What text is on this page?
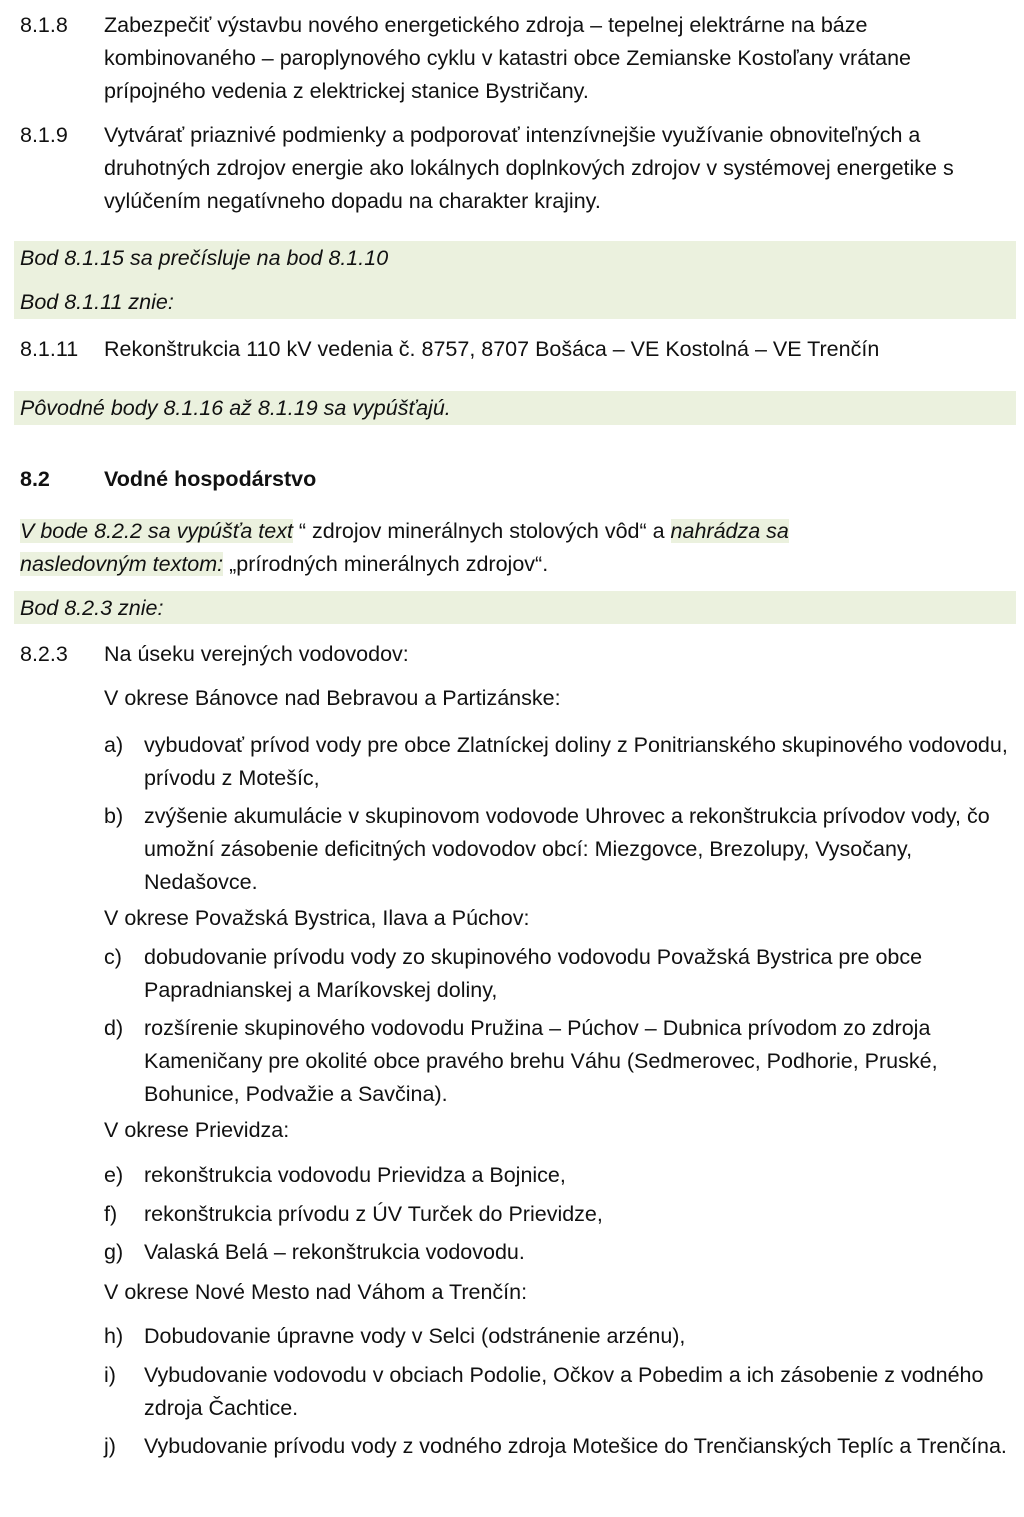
8.1.8	Zabezpečiť výstavbu nového energetického zdroja – tepelnej elektrárne na báze kombinovaného – paroplynového cyklu v katastri obce Zemianske Kostoľany vrátane prípojného vedenia z elektrickej stanice Bystričany.
8.1.9	Vytvárať priaznivé podmienky a podporovať intenzívnejšie využívanie obnoviteľných a druhotných zdrojov energie ako lokálnych doplnkových zdrojov v systémovej energetike s vylúčením negatívneho dopadu na charakter krajiny.
Bod 8.1.15 sa prečísluje na bod 8.1.10
Bod 8.1.11 znie:
8.1.11	Rekonštrukcia 110 kV vedenia č. 8757, 8707 Bošáca – VE Kostolná – VE Trenčín
Pôvodné body 8.1.16 až 8.1.19 sa vypúšťajú.
8.2	Vodné hospodárstvo
V bode 8.2.2 sa vypúšťa text “ zdrojov minerálnych stolových vôd“ a nahrádza sa
nasledovným textom: „prírodných minerálnych zdrojov“.
Bod 8.2.3 znie:
8.2.3	Na úseku verejných vodovodov:
V okrese Bánovce nad Bebravou a Partizánske:
a) vybudovať prívod vody pre obce Zlatníckej doliny z Ponitrianského skupinového vodovodu, prívodu z Motešíc,
b) zvýšenie akumulácie v skupinovom vodovode Uhrovec a rekonštrukcia prívodov vody, čo umožní zásobenie deficitných vodovodov obcí: Miezgovce, Brezolupy, Vysočany, Nedašovce.
V okrese Považská Bystrica, Ilava a Púchov:
c) dobudovanie prívodu vody zo skupinového vodovodu Považská Bystrica pre obce Papradnianskej a Maríkovskej doliny,
d) rozšírenie skupinového vodovodu Pružina – Púchov – Dubnica prívodom zo zdroja Kameničany pre okolité obce pravého brehu Váhu (Sedmerovec, Podhorie, Pruské, Bohunice, Podvažie a Savčina).
V okrese Prievidza:
e) rekonštrukcia vodovodu Prievidza a Bojnice,
f) rekonštrukcia prívodu z ÚV Turček do Prievidze,
g) Valaská Belá – rekonštrukcia vodovodu.
V okrese Nové Mesto nad Váhom a Trenčín:
h) Dobudovanie úpravne vody v Selci (odstránenie arzénu),
i) Vybudovanie vodovodu v obciach Podolie, Očkov a Pobedim a ich zásobenie z vodného zdroja Čachtice.
j) Vybudovanie prívodu vody z vodného zdroja Motešice do Trenčianských Teplíc a Trenčína.
